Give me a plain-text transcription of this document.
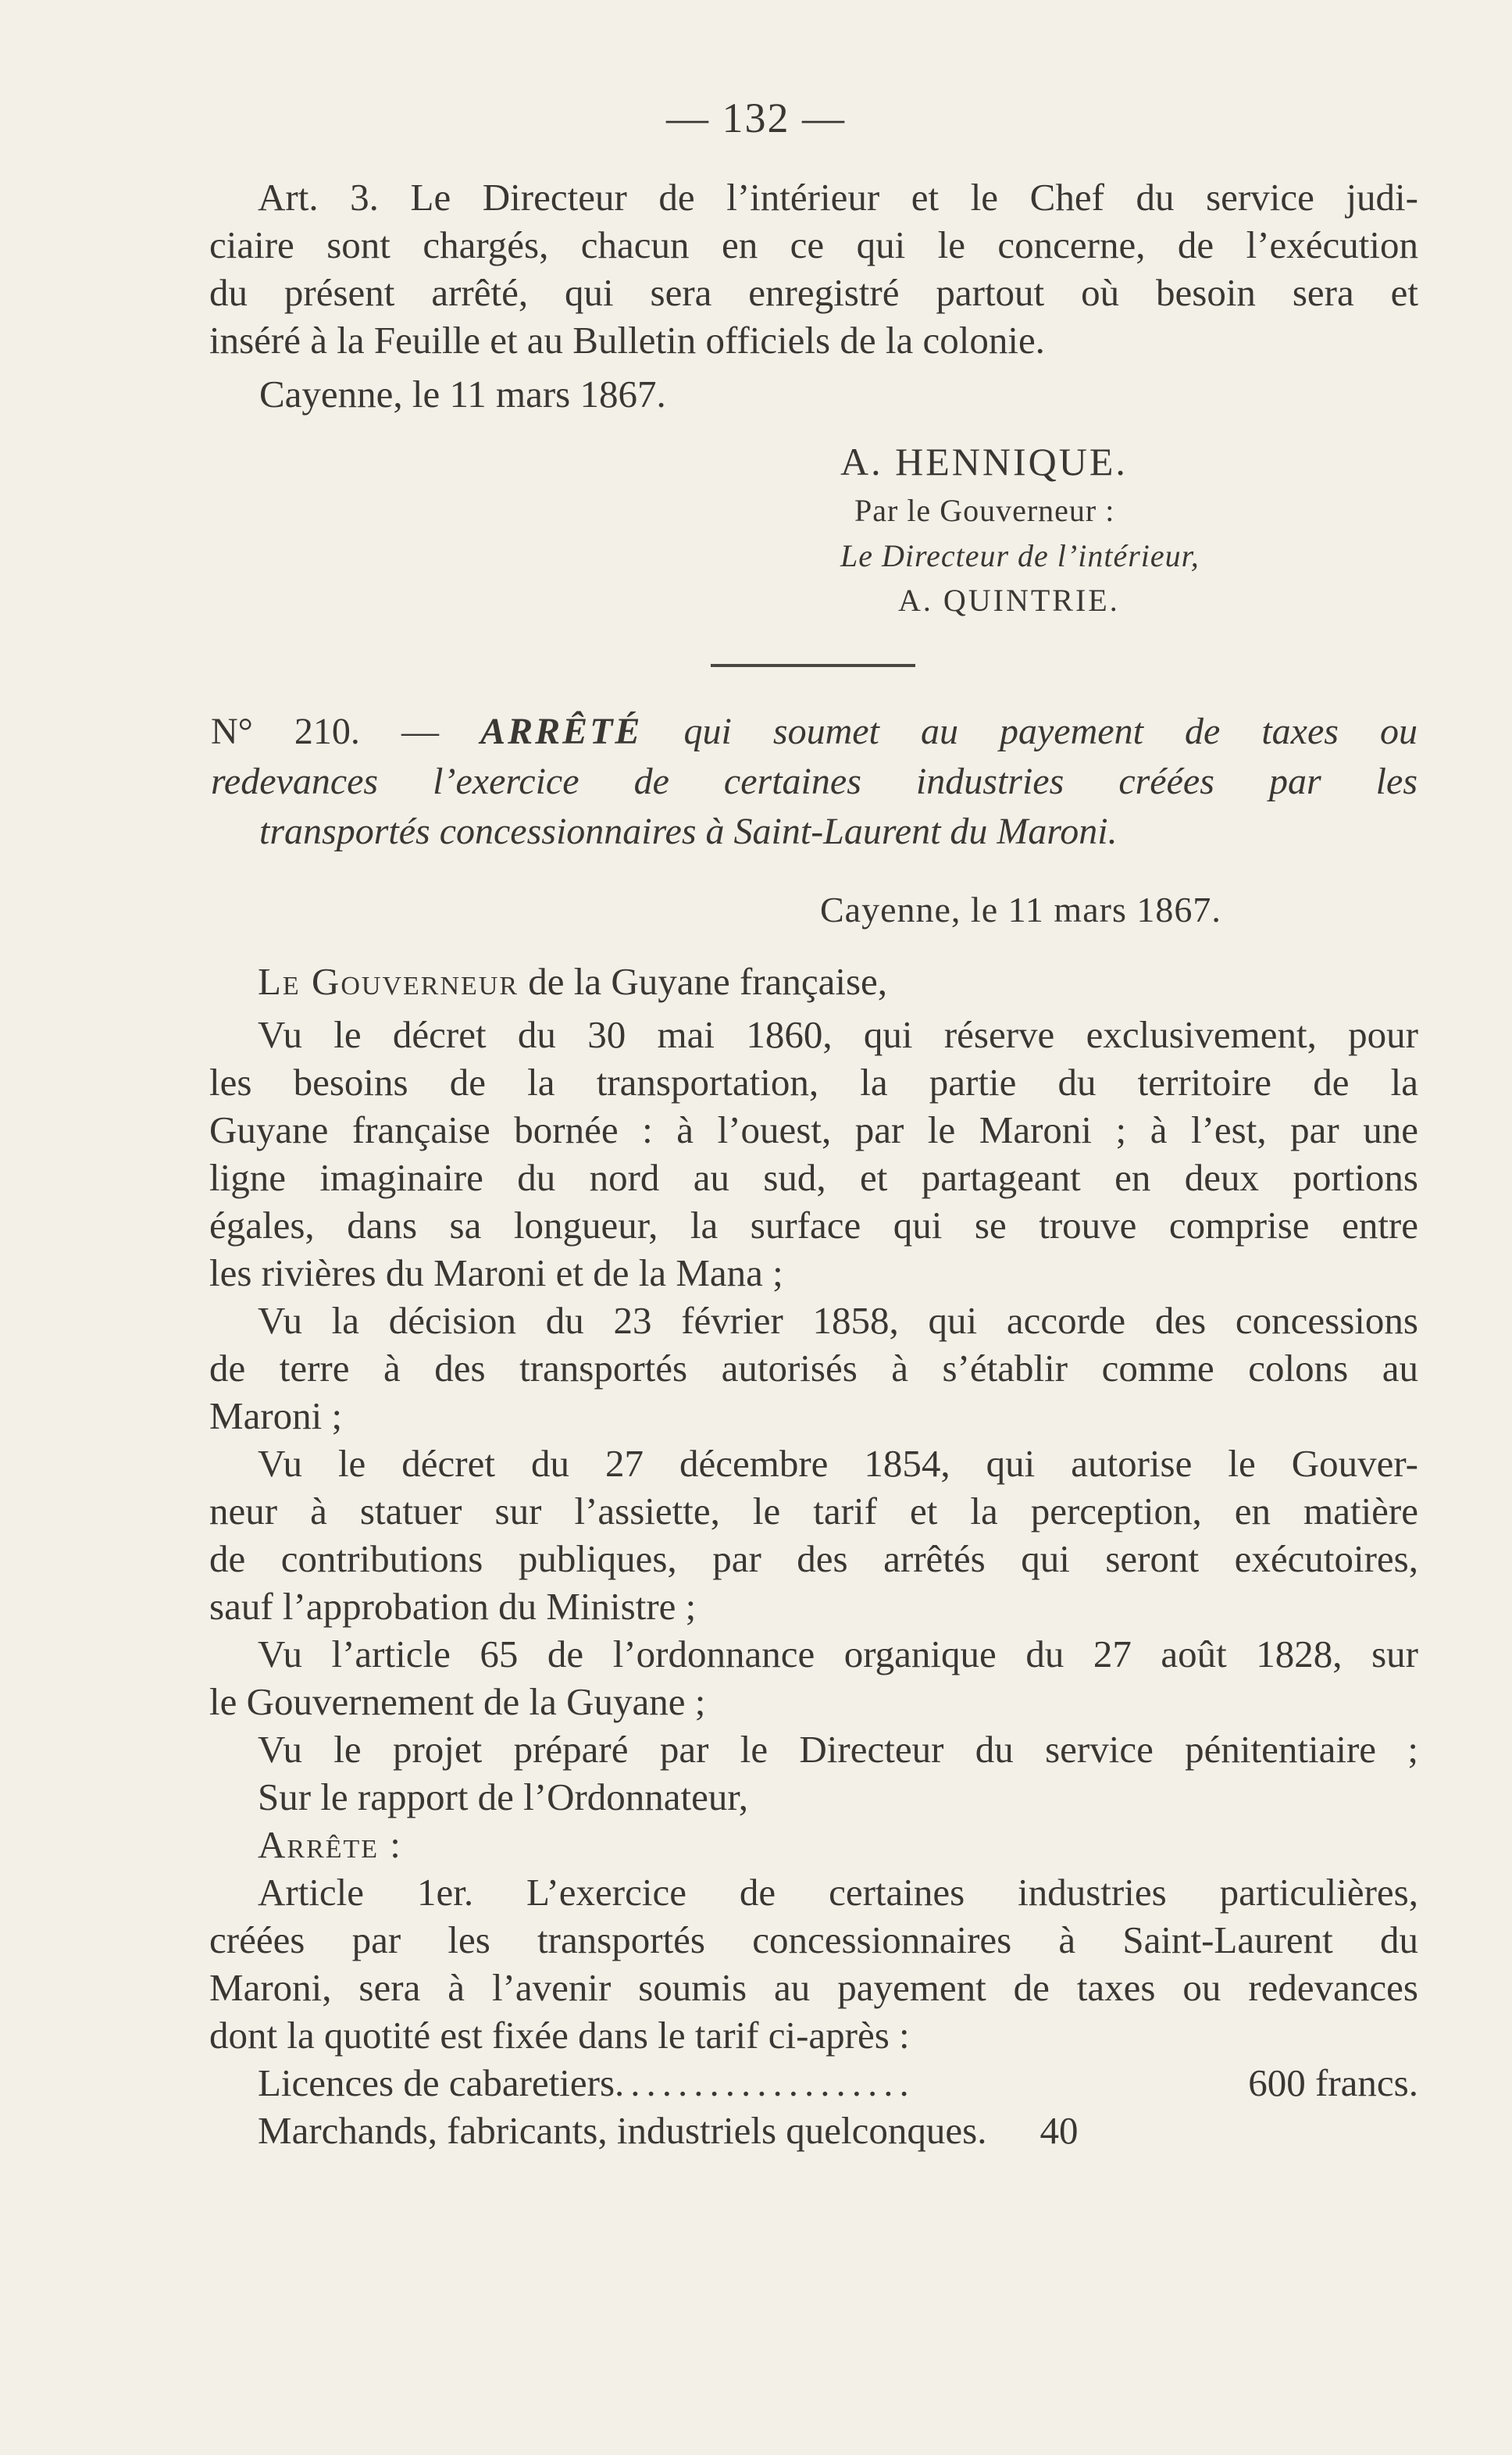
— 132 —
Art. 3. Le Directeur de l’intérieur et le Chef du service judi-
ciaire sont chargés, chacun en ce qui le concerne, de l’exécution
du présent arrêté, qui sera enregistré partout où besoin sera et
inséré à la Feuille et au Bulletin officiels de la colonie.
Cayenne, le 11 mars 1867.
A. HENNIQUE.
Par le Gouverneur :
Le Directeur de l’intérieur,
A. QUINTRIE.
N° 210. — ARRÊTÉ qui soumet au payement de taxes ou
redevances l’exercice de certaines industries créées par les
transportés concessionnaires à Saint-Laurent du Maroni.
Cayenne, le 11 mars 1867.
Le Gouverneur de la Guyane française,
Vu le décret du 30 mai 1860, qui réserve exclusivement, pour
les besoins de la transportation, la partie du territoire de la
Guyane française bornée : à l’ouest, par le Maroni ; à l’est, par une
ligne imaginaire du nord au sud, et partageant en deux portions
égales, dans sa longueur, la surface qui se trouve comprise entre
les rivières du Maroni et de la Mana ;
Vu la décision du 23 février 1858, qui accorde des concessions
de terre à des transportés autorisés à s’établir comme colons au
Maroni ;
Vu le décret du 27 décembre 1854, qui autorise le Gouver-
neur à statuer sur l’assiette, le tarif et la perception, en matière
de contributions publiques, par des arrêtés qui seront exécutoires,
sauf l’approbation du Ministre ;
Vu l’article 65 de l’ordonnance organique du 27 août 1828, sur
le Gouvernement de la Guyane ;
Vu le projet préparé par le Directeur du service pénitentiaire ;
Sur le rapport de l’Ordonnateur,
Arrête :
Article 1er. L’exercice de certaines industries particulières,
créées par les transportés concessionnaires à Saint-Laurent du
Maroni, sera à l’avenir soumis au payement de taxes ou redevances
dont la quotité est fixée dans le tarif ci-après :
Licences de cabaretiers ...................	600 francs.
Marchands, fabricants, industriels quelconques .	40
